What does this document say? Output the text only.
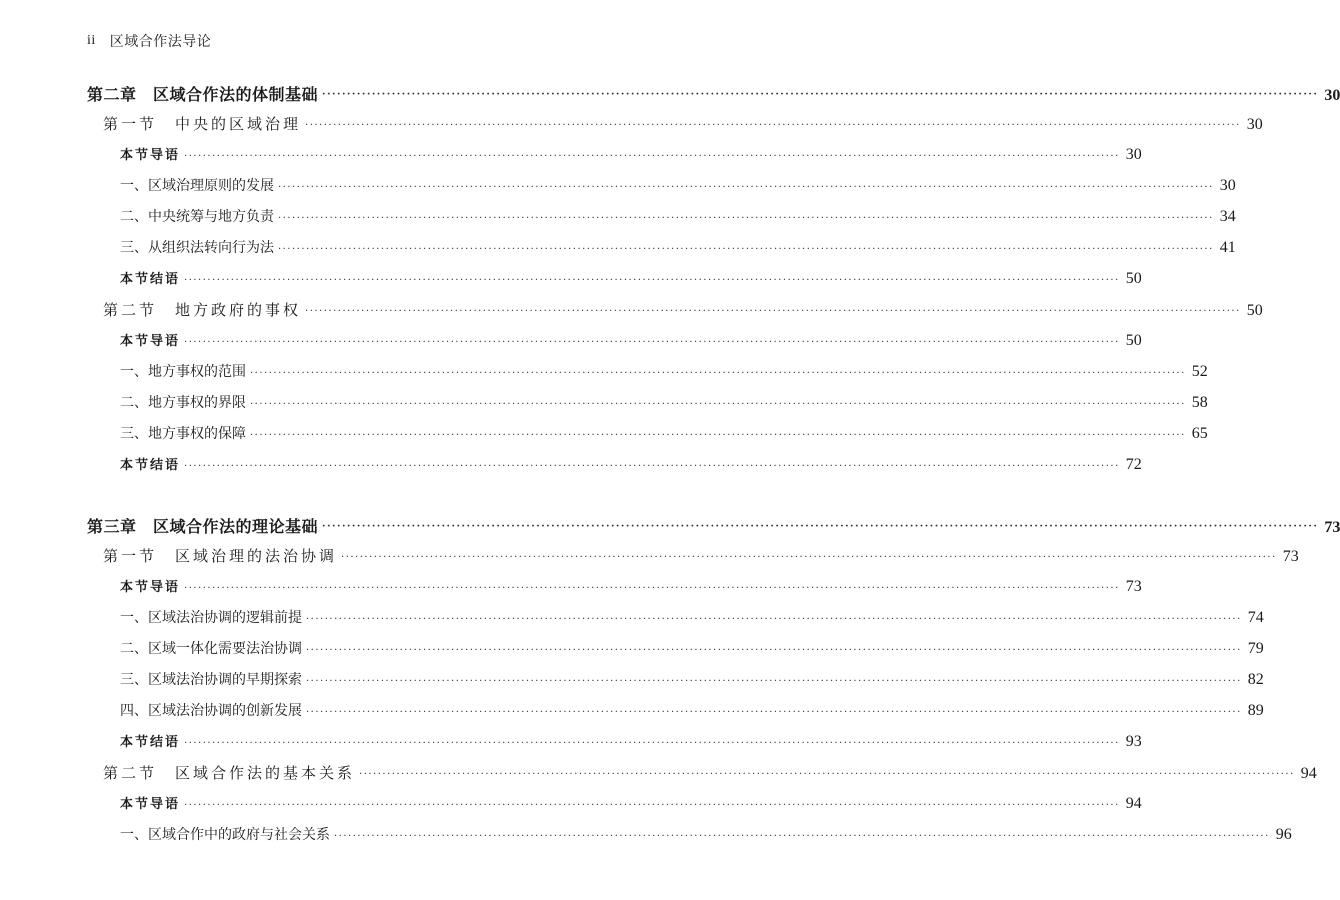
ii 区域合作法导论
第二章　区域合作法的体制基础 ········································································································································································································ 30
第一节　中央的区域治理 ········································································································································································································ 30
本节导语 ········································································································································································································ 30
一、区域治理原则的发展 ········································································································································································································ 30
二、中央统筹与地方负责 ········································································································································································································ 34
三、从组织法转向行为法 ········································································································································································································ 41
本节结语 ········································································································································································································ 50
第二节　地方政府的事权 ········································································································································································································ 50
本节导语 ········································································································································································································ 50
一、地方事权的范围 ········································································································································································································ 52
二、地方事权的界限 ········································································································································································································ 58
三、地方事权的保障 ········································································································································································································ 65
本节结语 ········································································································································································································ 72
第三章　区域合作法的理论基础 ········································································································································································································ 73
第一节　区域治理的法治协调 ········································································································································································································ 73
本节导语 ········································································································································································································ 73
一、区域法治协调的逻辑前提 ········································································································································································································ 74
二、区域一体化需要法治协调 ········································································································································································································ 79
三、区域法治协调的早期探索 ········································································································································································································ 82
四、区域法治协调的创新发展 ········································································································································································································ 89
本节结语 ········································································································································································································ 93
第二节　区域合作法的基本关系 ········································································································································································································ 94
本节导语 ········································································································································································································ 94
一、区域合作中的政府与社会关系 ········································································································································································································ 96
